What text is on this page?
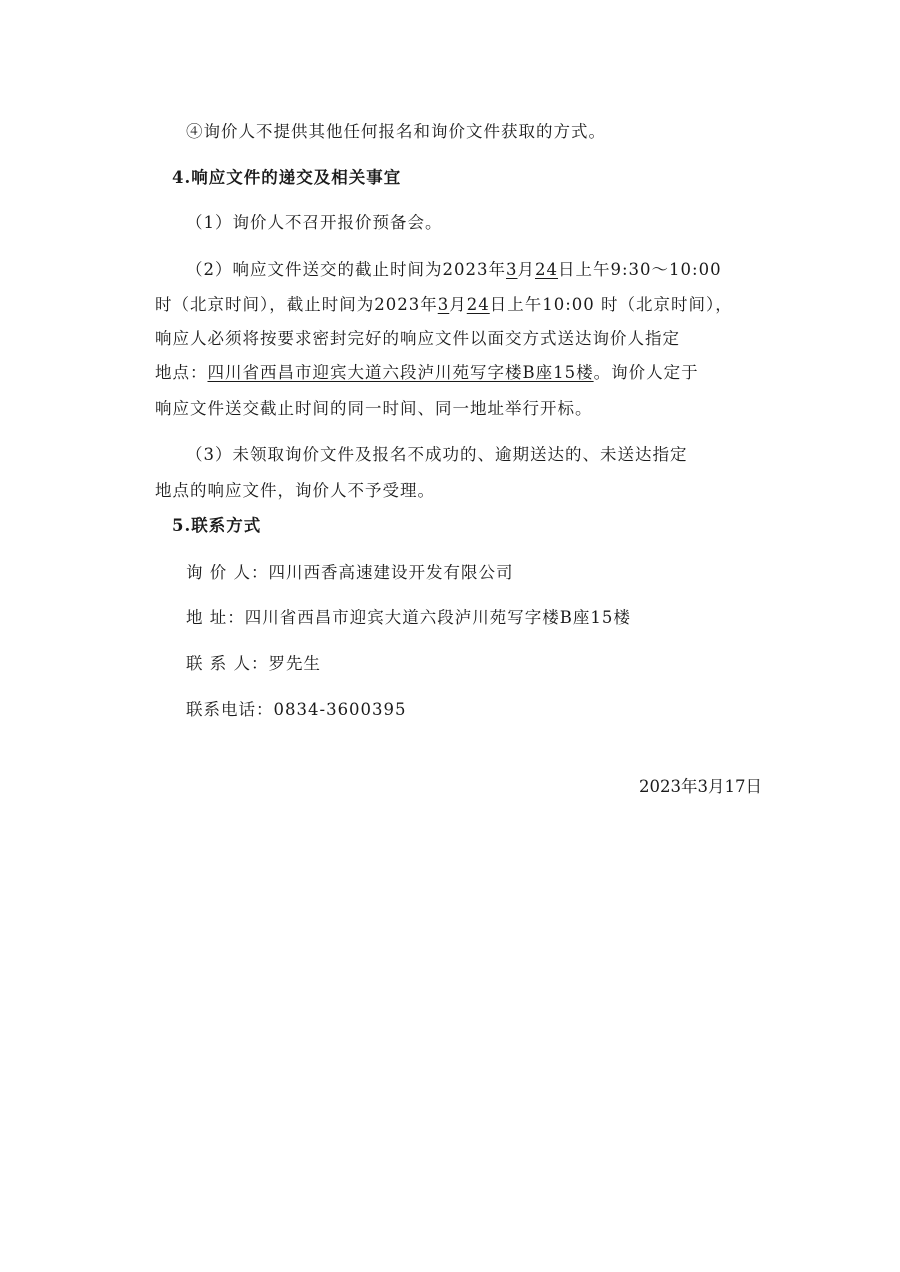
④询价人不提供其他任何报名和询价文件获取的方式。
4.响应文件的递交及相关事宜
（1）询价人不召开报价预备会。
（2）响应文件送交的截止时间为2023年3月24日上午9:30～10:00
时（北京时间），截止时间为2023年3月24日上午10:00 时（北京时间），
响应人必须将按要求密封完好的响应文件以面交方式送达询价人指定
地点：四川省西昌市迎宾大道六段泸川苑写字楼B座15楼。询价人定于
响应文件送交截止时间的同一时间、同一地址举行开标。
（3）未领取询价文件及报名不成功的、逾期送达的、未送达指定
地点的响应文件，询价人不予受理。
5.联系方式
询 价 人：四川西香高速建设开发有限公司
地 址：四川省西昌市迎宾大道六段泸川苑写字楼B座15楼
联 系 人：罗先生
联系电话：0834-3600395
2023年3月17日
